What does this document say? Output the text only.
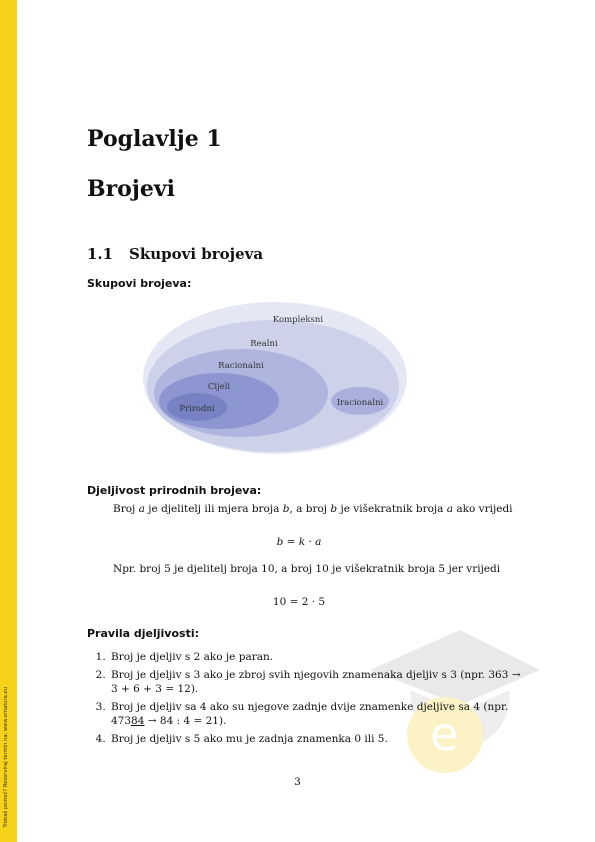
Trebaš pomoć? Rezerviraj termin na: www.ematura.eu	e
Poglavlje 1
Brojevi
1.1 Skupovi brojeva
Skupovi brojeva:
Kompleksni
Realni
Racionalni
Cijeli
Prirodni
Iracionalni
Djeljivost prirodnih brojeva:
Broj a je djelitelj ili mjera broja b, a broj b je višekratnik broja a ako vrijedi
b = k · a
Npr. broj 5 je djelitelj broja 10, a broj 10 je višekratnik broja 5 jer vrijedi
10 = 2 · 5
Pravila djeljivosti:
1. Broj je djeljiv s 2 ako je paran.
2. Broj je djeljiv s 3 ako je zbroj svih njegovih znamenaka djeljiv s 3 (npr. 363 →
3 + 6 + 3 = 12).
3. Broj je djeljiv sa 4 ako su njegove zadnje dvije znamenke djeljive sa 4 (npr.
47384 → 84 : 4 = 21).
4. Broj je djeljiv s 5 ako mu je zadnja znamenka 0 ili 5.
3
